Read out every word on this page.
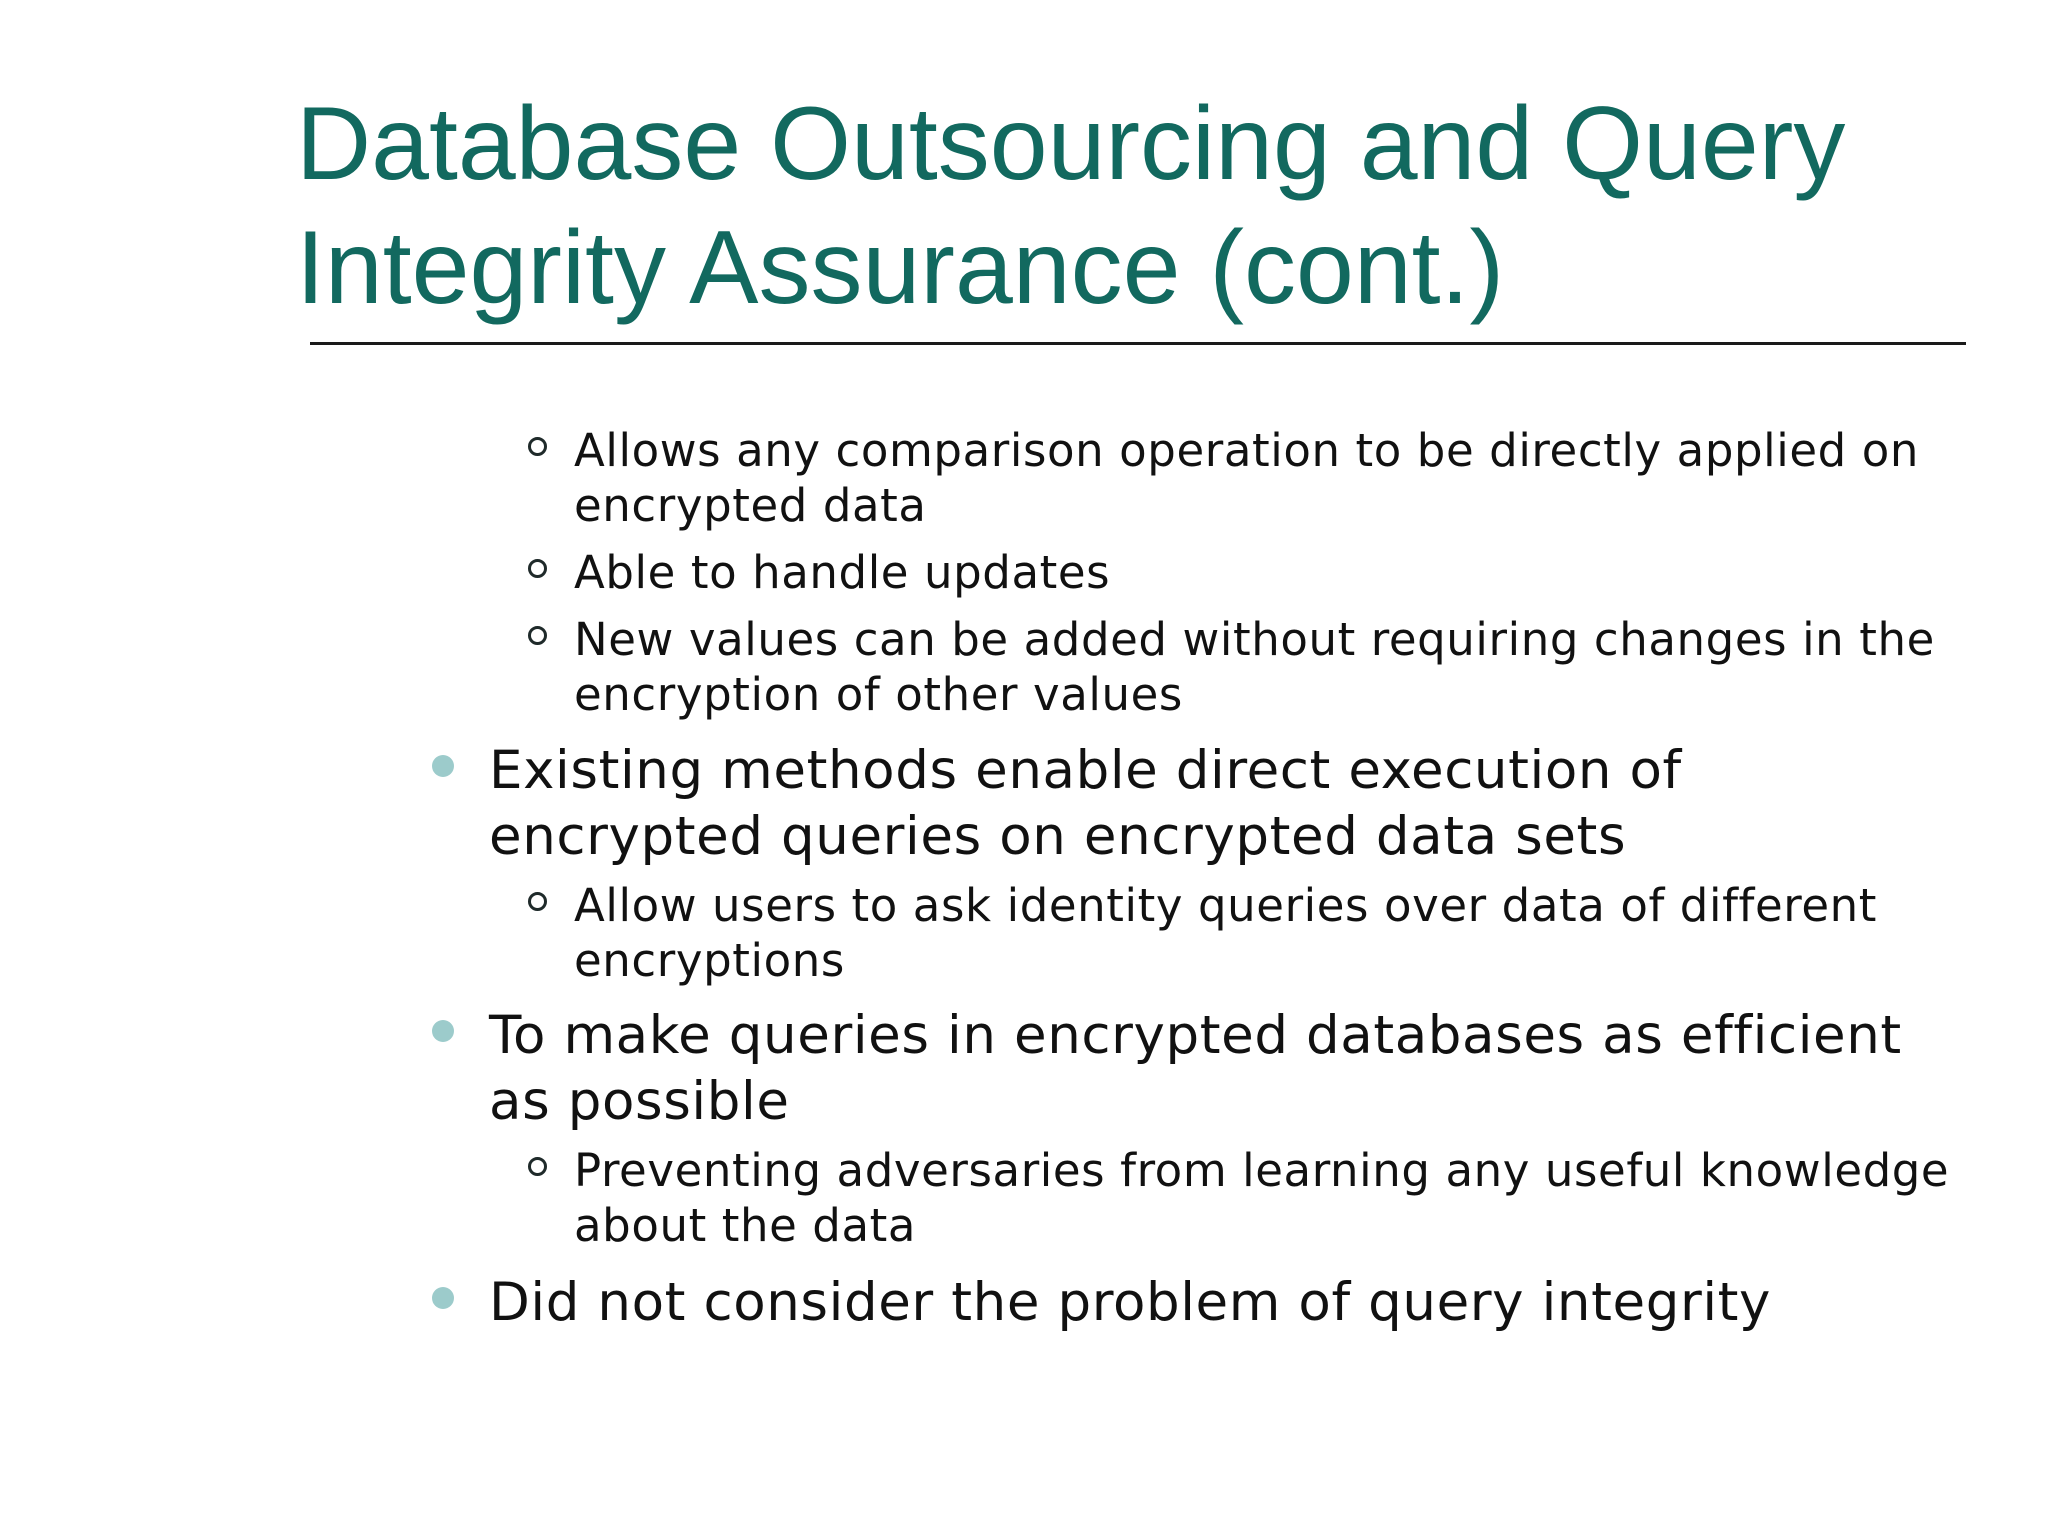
Database Outsourcing and Query Integrity Assurance (cont.)
Allows any comparison operation to be directly applied on encrypted data
Able to handle updates
New values can be added without requiring changes in the encryption of other values
Existing methods enable direct execution of encrypted queries on encrypted data sets
Allow users to ask identity queries over data of different encryptions
To make queries in encrypted databases as efficient as possible
Preventing adversaries from learning any useful knowledge about the data
Did not consider the problem of query integrity
